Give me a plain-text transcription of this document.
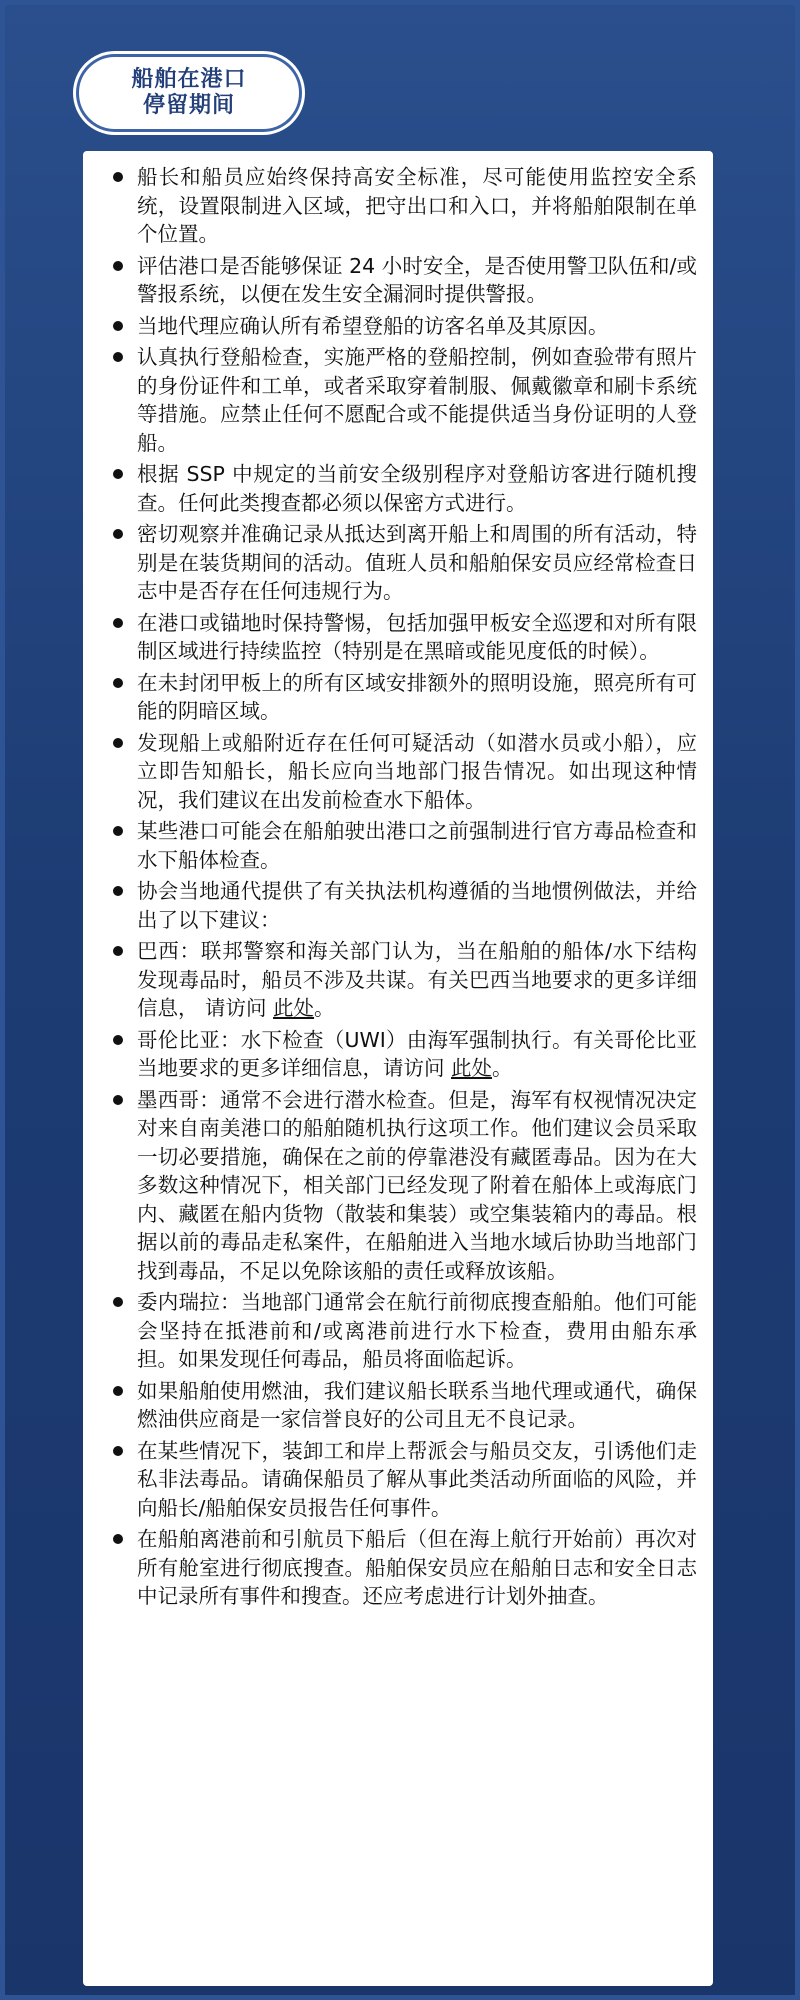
船舶在港口
停留期间
船长和船员应始终保持高安全标准，尽可能使用监控安全系统，设置限制进入区域，把守出口和入口，并将船舶限制在单个位置。
评估港口是否能够保证 24 小时安全，是否使用警卫队伍和/或警报系统，以便在发生安全漏洞时提供警报。
当地代理应确认所有希望登船的访客名单及其原因。
认真执行登船检查，实施严格的登船控制，例如查验带有照片的身份证件和工单，或者采取穿着制服、佩戴徽章和刷卡系统等措施。应禁止任何不愿配合或不能提供适当身份证明的人登船。
根据 SSP 中规定的当前安全级别程序对登船访客进行随机搜查。任何此类搜查都必须以保密方式进行。
密切观察并准确记录从抵达到离开船上和周围的所有活动，特别是在装货期间的活动。值班人员和船舶保安员应经常检查日志中是否存在任何违规行为。
在港口或锚地时保持警惕，包括加强甲板安全巡逻和对所有限制区域进行持续监控（特别是在黑暗或能见度低的时候）。
在未封闭甲板上的所有区域安排额外的照明设施，照亮所有可能的阴暗区域。
发现船上或船附近存在任何可疑活动（如潜水员或小船），应立即告知船长，船长应向当地部门报告情况。如出现这种情况，我们建议在出发前检查水下船体。
某些港口可能会在船舶驶出港口之前强制进行官方毒品检查和水下船体检查。
协会当地通代提供了有关执法机构遵循的当地惯例做法，并给出了以下建议：
巴西：联邦警察和海关部门认为，当在船舶的船体/水下结构发现毒品时，船员不涉及共谋。有关巴西当地要求的更多详细信息， 请访问 此处。
哥伦比亚：水下检查（UWI）由海军强制执行。有关哥伦比亚当地要求的更多详细信息，请访问 此处。
墨西哥：通常不会进行潜水检查。但是，海军有权视情况决定对来自南美港口的船舶随机执行这项工作。他们建议会员采取一切必要措施，确保在之前的停靠港没有藏匿毒品。因为在大多数这种情况下，相关部门已经发现了附着在船体上或海底门内、藏匿在船内货物（散装和集装）或空集装箱内的毒品。根据以前的毒品走私案件，在船舶进入当地水域后协助当地部门找到毒品，不足以免除该船的责任或释放该船。
委内瑞拉：当地部门通常会在航行前彻底搜查船舶。他们可能会坚持在抵港前和/或离港前进行水下检查，费用由船东承担。如果发现任何毒品，船员将面临起诉。
如果船舶使用燃油，我们建议船长联系当地代理或通代，确保燃油供应商是一家信誉良好的公司且无不良记录。
在某些情况下，装卸工和岸上帮派会与船员交友，引诱他们走私非法毒品。请确保船员了解从事此类活动所面临的风险，并向船长/船舶保安员报告任何事件。
在船舶离港前和引航员下船后（但在海上航行开始前）再次对所有舱室进行彻底搜查。船舶保安员应在船舶日志和安全日志中记录所有事件和搜查。还应考虑进行计划外抽查。
